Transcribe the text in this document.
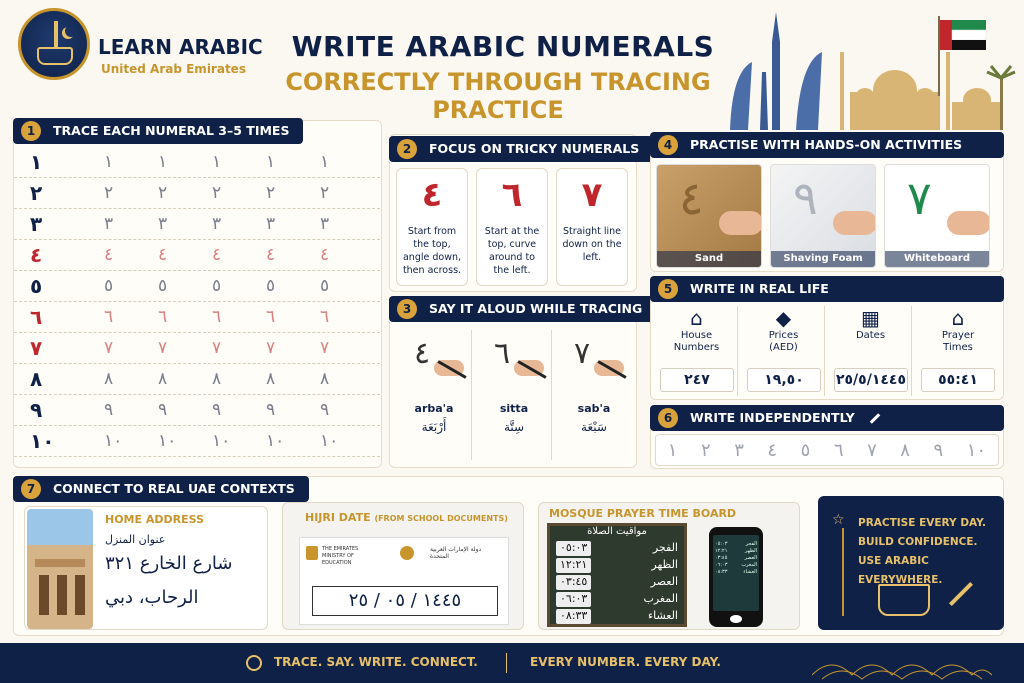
LEARN ARABIC
United Arab Emirates
WRITE ARABIC NUMERALS
CORRECTLY THROUGH TRACING PRACTICE
1	TRACE EACH NUMERAL 3–5 TIMES
١	١	١	١	١	١
٢	٢	٢	٢	٢	٢
٣	٣	٣	٣	٣	٣
٤	٤	٤	٤	٤	٤
٥	٥	٥	٥	٥	٥
٦	٦	٦	٦	٦	٦
٧	٧	٧	٧	٧	٧
٨	٨	٨	٨	٨	٨
٩	٩	٩	٩	٩	٩
١٠	١٠ ١٠ ١٠ ١٠ ١٠
2	FOCUS ON TRICKY NUMERALS
٤
Start from the top, angle down, then across.
٦
Start at the top, curve around to the left.
٧
Straight line down on the left.
3	SAY IT ALOUD WHILE TRACING
٤
arba'a
أَرْبَعَة
٦
sitta
سِتَّة
٧
sab'a
سَبْعَة
4	PRACTISE WITH HANDS-ON ACTIVITIES
٤
Sand
٩
Shaving Foam
٧
Whiteboard
5	WRITE IN REAL LIFE
⌂
House Numbers
٢٤٧
◆
Prices (AED)
١٩,٥٠
▦
Dates
٢٥/٥/١٤٤٥
⌂
Prayer Times
٥٥:٤١
6	WRITE INDEPENDENTLY
١ ٢ ٣ ٤ ٥ ٦ ٧ ٨ ٩ ١٠
7	CONNECT TO REAL UAE CONTEXTS
HOME ADDRESS
عنوان المنزل
شارع الخارع ٣٢١
الرحاب، دبي
HIJRI DATE (FROM SCHOOL DOCUMENTS)
THE EMIRATES MINISTRY OF EDUCATION
دولة الإمارات العربية المتحدة
١٤٤٥ / ٠٥ / ٢٥
MOSQUE PRAYER TIME BOARD
مواقيت الصلاة
٠٥:٠٣	الفجر
١٢:٢١	الظهر
٠٣:٤٥	العصر
٠٦:٠٣	المغرب
٠٨:٣٣	العشاء
٠٥:٠٣	الفجر
١٢:٢١	الظهر
٠٣:٤٥	العصر
٠٦:٠٣	المغرب
٠٨:٣٣	العشاء
☆ PRACTISE EVERY DAY.
BUILD CONFIDENCE.
USE ARABIC EVERYWHERE.
TRACE. SAY. WRITE. CONNECT.	EVERY NUMBER. EVERY DAY.
